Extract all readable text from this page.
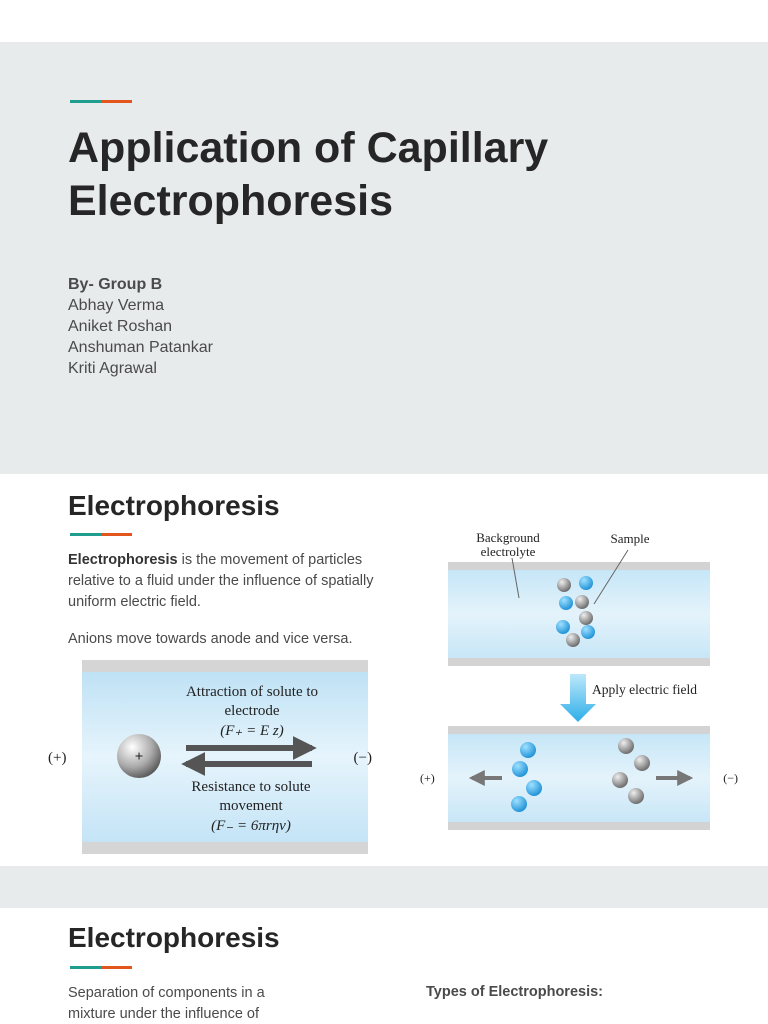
Application of Capillary Electrophoresis
By- Group B
Abhay Verma
Aniket Roshan
Anshuman Patankar
Kriti Agrawal
Electrophoresis
Electrophoresis is the movement of particles relative to a fluid under the influence of spatially uniform electric field.
Anions move towards anode and vice versa.
(+)	(−)
+
Attraction of solute to
electrode
(F₊ = E z)
Resistance to solute
movement
(F₋ = 6πrηv)
Background
electrolyte
Sample
Apply electric field
(+)	(−)
Electrophoresis
Separation of components in a
mixture under the influence of
Types of Electrophoresis:
